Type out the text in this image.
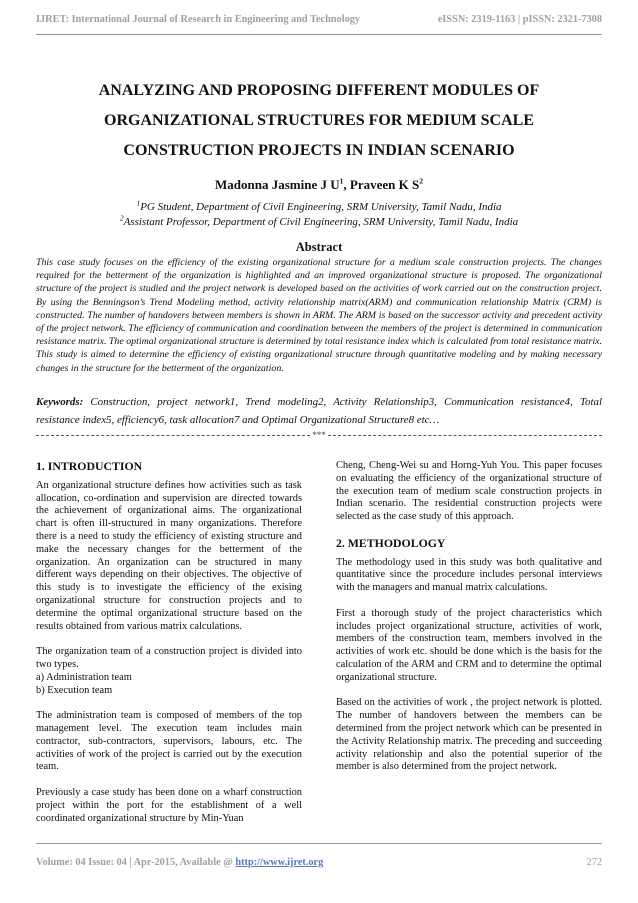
IJRET: International Journal of Research in Engineering and Technology	eISSN: 2319-1163 | pISSN: 2321-7308
ANALYZING AND PROPOSING DIFFERENT MODULES OF
ORGANIZATIONAL STRUCTURES FOR MEDIUM SCALE
CONSTRUCTION PROJECTS IN INDIAN SCENARIO
Madonna Jasmine J $U^1$, Praveen K $S^2$
$^1$PG Student, Department of Civil Engineering, SRM University, Tamil Nadu, India
$^2$Assistant Professor, Department of Civil Engineering, SRM University, Tamil Nadu, India
Abstract
This case study focuses on the efficiency of the existing organizational structure for a medium scale construction projects. The changes required for the betterment of the organization is highlighted and an improved organizational structure is proposed. The organizational structure of the project is studied and the project network is developed based on the activities of work carried out on the construction project. By using the Benningson’s Trend Modeling method, activity relationship matrix(ARM) and communication relationship Matrix (CRM) is constructed. The number of handovers between members is shown in ARM. The ARM is based on the successor activity and precedent activity of the project network. The efficiency of communication and coordination between the members of the project is determined in communication resistance matrix. The optimal organizational structure is determined by total resistance index which is calculated from total resistance matrix. This study is aimed to determine the efficiency of existing organizational structure through quantitative modeling and by making necessary changes in the structure for the betterment of the organization.
Keywords: Construction, project network1, Trend modeling2, Activity Relationship3, Communication resistance4, Total resistance index5, efficiency6, task allocation7 and Optimal Organizational Structure8 etc…
***
1. INTRODUCTION

An organizational structure defines how activities such as task allocation, co-ordination and supervision are directed towards the achievement of organizational aims. The organizational chart is often ill-structured in many organizations. Therefore there is a need to study the efficiency of existing structure and make the necessary changes for the betterment of the organization. An organization can be structured in many different ways depending on their objectives. The objective of this study is to investigate the efficiency of the exising organizational structure for construction projects and to determine the optimal organizational structure based on the results obtained from various matrix calculations.

The organization team of a construction project is divided into two types.
a) Administration team
b) Execution team

The administration team is composed of members of the top management level. The execution team includes main contractor, sub-contractors, supervisors, labours, etc. The activities of work of the project is carried out by the execution team.

Previously a case study has been done on a wharf construction project within the port for the establishment of a well coordinated organizational structure by Min-Yuan

Cheng, Cheng-Wei su and Horng-Yuh You. This paper focuses on evaluating the efficiency of the organizational structure of the execution team of medium scale construction projects in Indian scenario. The residential construction projects were selected as the case study of this approach.

2. METHODOLOGY

The methodology used in this study was both qualitative and quantitative since the procedure includes personal interviews with the managers and manual matrix calculations.

First a thorough study of the project characteristics which includes project organizational structure, activities of work, members of the construction team, members involved in the activities of work etc. should be done which is the basis for the calculation of the ARM and CRM and to determine the optimal organizational structure.

Based on the activities of work , the project network is plotted. The number of handovers between the members can be determined from the project network which can be presented in the Activity Relationship matrix. The preceding and succeeding activity relationship and also the potential superior of the member is also determined from the project network.

Volume: 04 Issue: 04 | Apr-2015, Available @ http://www.ijret.org	272
